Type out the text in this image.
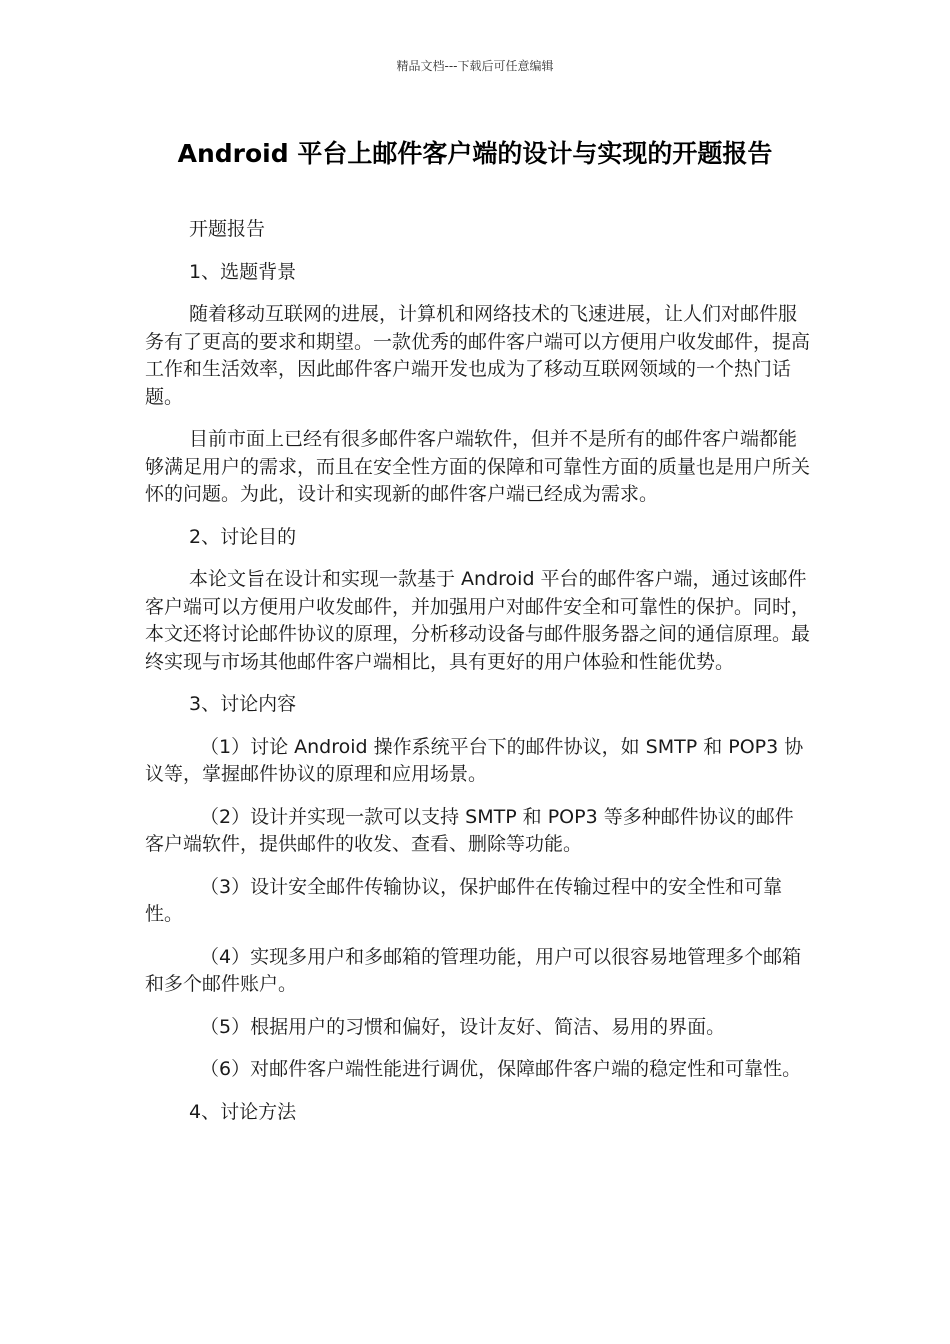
精品文档---下载后可任意编辑
Android 平台上邮件客户端的设计与实现的开题报告

开题报告

1、选题背景

随着移动互联网的进展，计算机和网络技术的飞速进展，让人们对邮件服务有了更高的要求和期望。一款优秀的邮件客户端可以方便用户收发邮件，提高工作和生活效率，因此邮件客户端开发也成为了移动互联网领域的一个热门话题。

目前市面上已经有很多邮件客户端软件，但并不是所有的邮件客户端都能够满足用户的需求，而且在安全性方面的保障和可靠性方面的质量也是用户所关怀的问题。为此，设计和实现新的邮件客户端已经成为需求。

2、讨论目的

本论文旨在设计和实现一款基于 Android 平台的邮件客户端，通过该邮件客户端可以方便用户收发邮件，并加强用户对邮件安全和可靠性的保护。同时，本文还将讨论邮件协议的原理，分析移动设备与邮件服务器之间的通信原理。最终实现与市场其他邮件客户端相比，具有更好的用户体验和性能优势。

3、讨论内容

（1）讨论 Android 操作系统平台下的邮件协议，如 SMTP 和 POP3 协议等，掌握邮件协议的原理和应用场景。

（2）设计并实现一款可以支持 SMTP 和 POP3 等多种邮件协议的邮件客户端软件，提供邮件的收发、查看、删除等功能。

（3）设计安全邮件传输协议，保护邮件在传输过程中的安全性和可靠性。

（4）实现多用户和多邮箱的管理功能，用户可以很容易地管理多个邮箱和多个邮件账户。

（5）根据用户的习惯和偏好，设计友好、简洁、易用的界面。

（6）对邮件客户端性能进行调优，保障邮件客户端的稳定性和可靠性。

4、讨论方法
